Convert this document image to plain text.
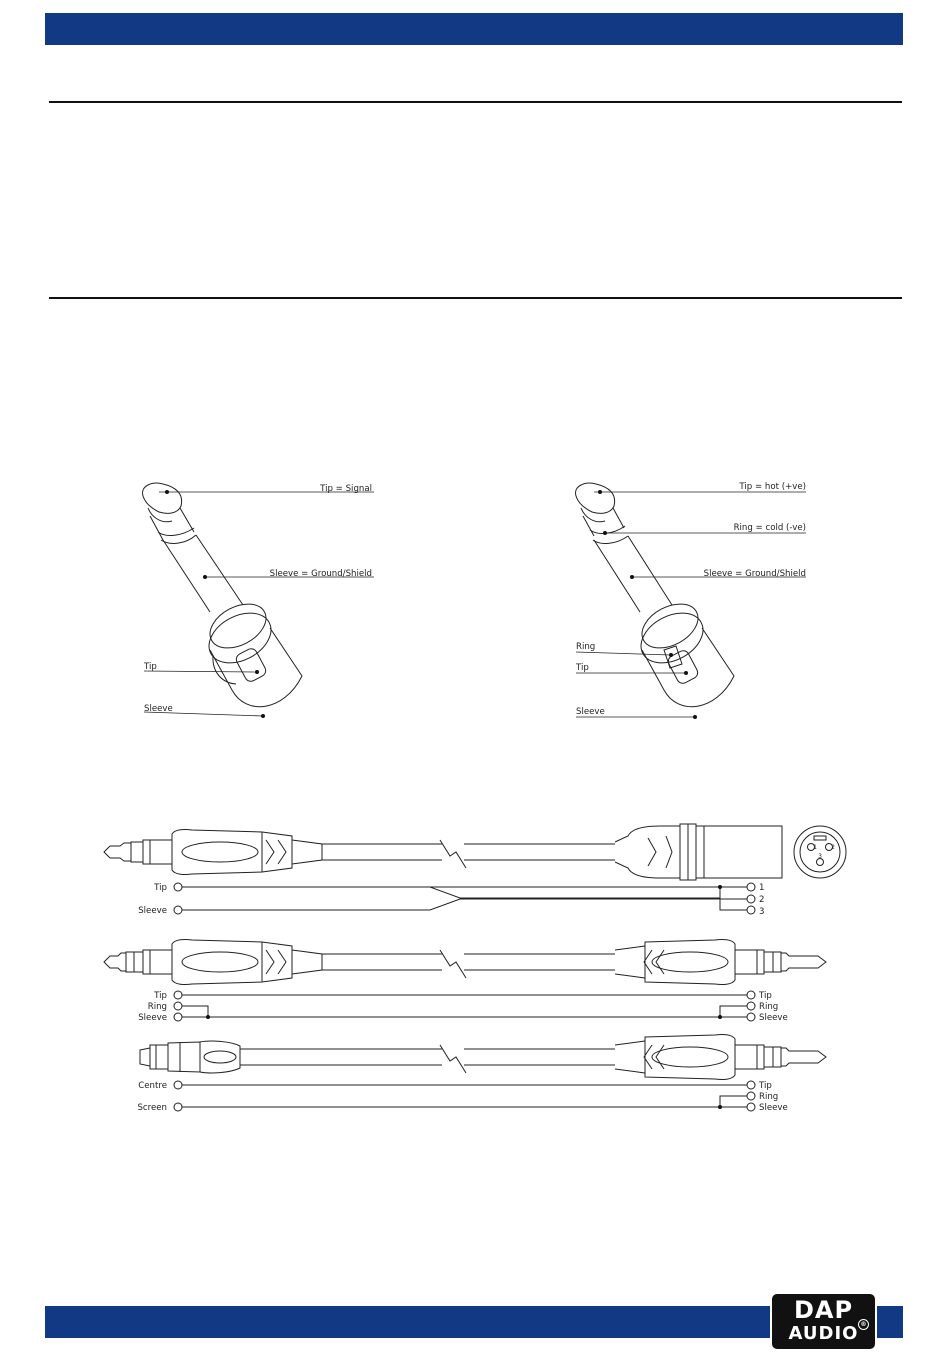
Tip = Signal
Sleeve = Ground/Shield
Tip
Sleeve
Tip = hot (+ve)
Ring = cold (-ve)
Sleeve = Ground/Shield
Ring
Tip
Sleeve
1 2
3
Tip
Sleeve
1
2
3
Tip
Ring
Sleeve
Tip
Ring
Sleeve
Centre
Screen
Tip
Ring
Sleeve
DAP
AUDIO ®
